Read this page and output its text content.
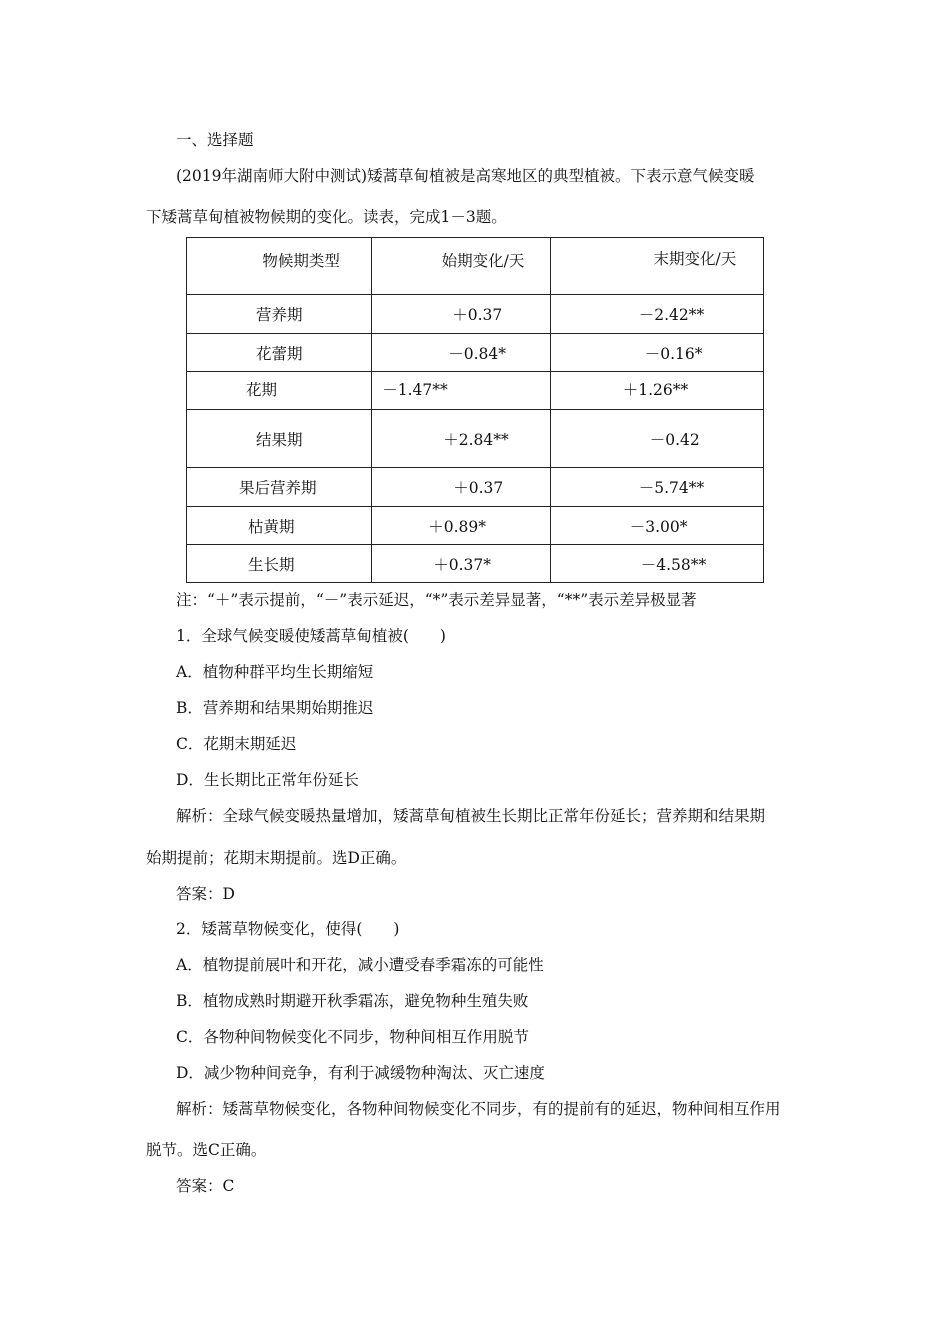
一、选择题
(2019年湖南师大附中测试)矮蒿草甸植被是高寒地区的典型植被。下表示意气候变暖
下矮蒿草甸植被物候期的变化。读表，完成1－3题。
物候期类型	始期变化/天	末期变化/天

营养期	＋0.37	－2.42**

花蕾期	－0.84*	－0.16*

花期	－1.47**	＋1.26**

结果期	＋2.84**	－0.42

果后营养期	＋0.37	－5.74**

枯黄期	＋0.89*	－3.00*

生长期	＋0.37*	－4.58**
注：“＋”表示提前，“－”表示延迟，“*”表示差异显著，“**”表示差异极显著
1．全球气候变暖使矮蒿草甸植被(　　)
A．植物种群平均生长期缩短
B．营养期和结果期始期推迟
C．花期末期延迟
D．生长期比正常年份延长
解析：全球气候变暖热量增加，矮蒿草甸植被生长期比正常年份延长；营养期和结果期
始期提前；花期末期提前。选D正确。
答案：D
2．矮蒿草物候变化，使得(　　)
A．植物提前展叶和开花，减小遭受春季霜冻的可能性
B．植物成熟时期避开秋季霜冻，避免物种生殖失败
C．各物种间物候变化不同步，物种间相互作用脱节
D．减少物种间竞争，有利于减缓物种淘汰、灭亡速度
解析：矮蒿草物候变化，各物种间物候变化不同步，有的提前有的延迟，物种间相互作用
脱节。选C正确。
答案：C
